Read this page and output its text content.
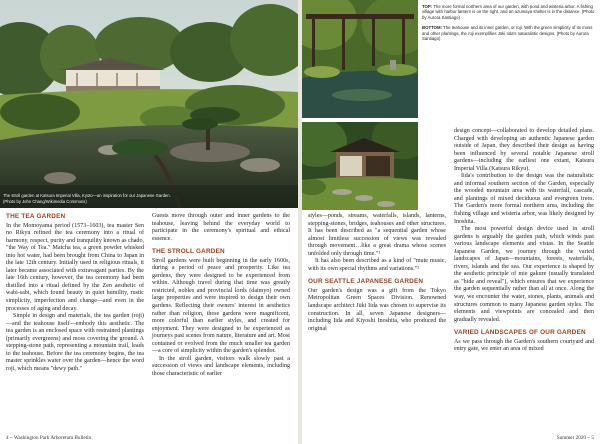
The stroll garden at Katsura Imperial Villa, Kyoto—an inspiration for our Japanese Garden. (Photo by John Chang/Wikimedia Commons)
THE TEA GARDEN

In the Momoyama period (1573–1603), tea master Sen no Rikyu refined the tea ceremony into a ritual of harmony, respect, purity and tranquility known as chado, "the Way of Tea." Matcha tea, a green powder whisked into hot water, had been brought from China to Japan in the late 12th century. Initially used in religious rituals, it later became associated with extravagant parties. By the late 16th century, however, the tea ceremony had been distilled into a ritual defined by the Zen aesthetic of wabi-sabi, which found beauty in quiet humility, rustic simplicity, imperfection and change—and even in the processes of aging and decay.

Simple in design and materials, the tea garden (roji)—and the teahouse itself—embody this aesthetic. The tea garden is an enclosed space with restrained plantings (primarily evergreens) and moss covering the ground. A stepping-stone path, representing a mountain trail, leads to the teahouse. Before the tea ceremony begins, the tea master sprinkles water over the garden—hence the word roji, which means "dewy path."

Guests move through outer and inner gardens to the teahouse, leaving behind the everyday world to participate in the ceremony's spiritual and ethical essence.

THE STROLL GARDEN

Stroll gardens were built beginning in the early 1600s, during a period of peace and prosperity. Like tea gardens, they were designed to be experienced from within. Although travel during that time was greatly restricted, nobles and provincial lords (daimyo) owned large properties and were inspired to design their own gardens. Reflecting their owners' interest in aesthetics rather than religion, these gardens were magnificent, more colorful than earlier styles, and created for enjoyment. They were designed to be experienced as journeys past scenes from nature, literature and art. Most contained or evolved from the much smaller tea garden—a core of simplicity within the garden's splendor.

In the stroll garden, visitors walk slowly past a succession of views and landscape elements, including those characteristic of earlier

4 ~ Washington Park Arboretum Bulletin

TOP: The more formal northern area of our garden, with pond and wisteria arbor. A fishing village with harbor lantern is on the right, and an azumaya shelter is in the distance. (Photo by Aurora Santiago)

BOTTOM: The teahouse and its inner garden, or roji. With the green simplicity of its moss and other plantings, the roji exemplifies Jūki Iida's naturalistic designs. (Photo by Aurora Santiago)

styles—ponds, streams, waterfalls, islands, lanterns, stepping-stones, bridges, teahouses and other structures. It has been described as "a sequential garden whose almost limitless succession of views was revealed through movement…like a great drama whose scenes unfolded only through time."¹

It has also been described as a kind of "mute music, with its own special rhythms and variations."²

OUR SEATTLE JAPANESE GARDEN

Our garden's design was a gift from the Tokyo Metropolitan Green Spaces Division. Renowned landscape architect Jūki Iida was chosen to supervise its construction. In all, seven Japanese designers—including Iida and Kiyoshi Inoshita, who produced the original

design concept—collaborated to develop detailed plans. Charged with developing an authentic Japanese garden outside of Japan, they described their design as having been influenced by several notable Japanese stroll gardens—including the earliest one extant, Katsura Imperial Villa (Katsura Rikyu).

Iida's contribution to the design was the naturalistic and informal southern section of the Garden, especially the wooded mountain area with its waterfall, cascade, and plantings of mixed deciduous and evergreen trees. The Garden's more formal northern area, including the fishing village and wisteria arbor, was likely designed by Inoshita.

The most powerful design device used in stroll gardens is arguably the garden path, which winds past various landscape elements and vistas. In the Seattle Japanese Garden, we journey through the varied landscapes of Japan—mountains, forests, waterfalls, rivers, islands and the sea. Our experience is shaped by the aesthetic principle of mie gakure (usually translated as "hide and reveal"), which ensures that we experience the garden sequentially rather than all at once. Along the way, we encounter the water, stones, plants, animals and structures common to many Japanese garden styles. The elements and viewpoints are concealed and then gradually revealed.

VARIED LANDSCAPES OF OUR GARDEN

As we pass through the Garden's southern courtyard and entry gate, we enter an area of mixed

Summer 2020 ~ 5
